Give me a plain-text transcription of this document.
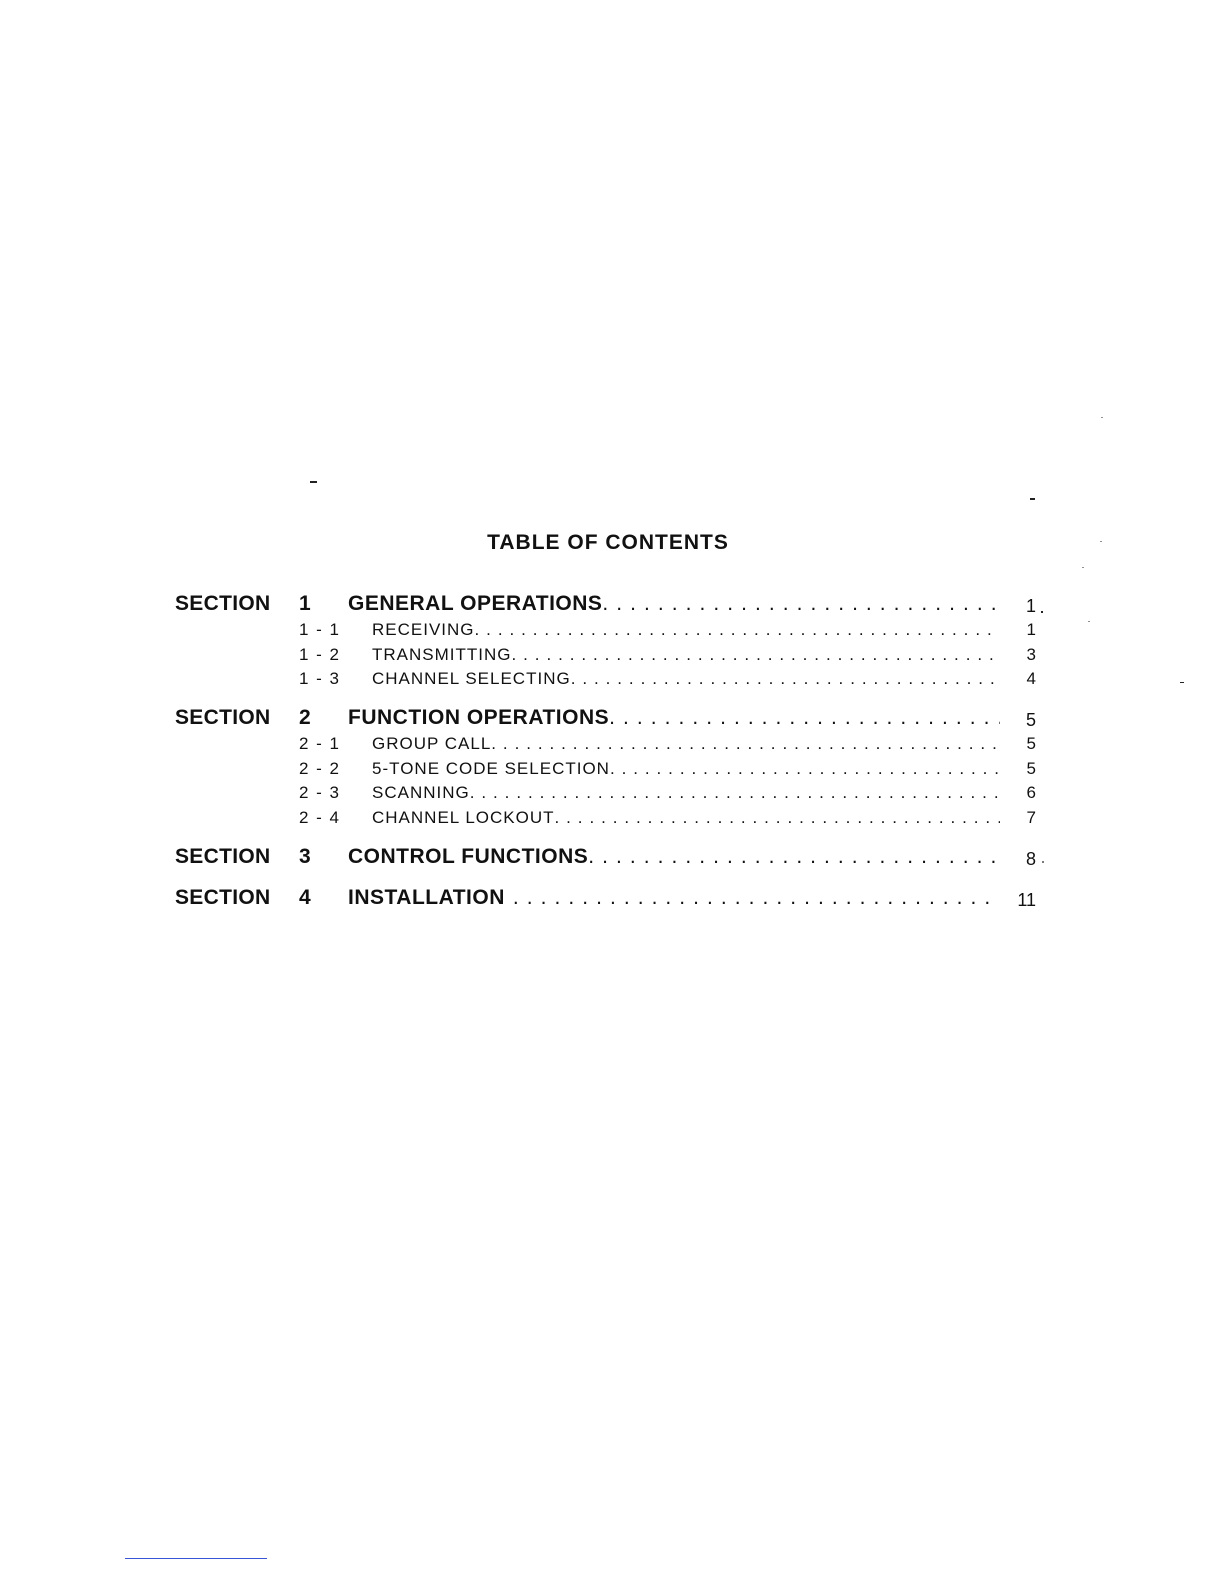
TABLE OF CONTENTS
SECTION 1 GENERAL OPERATIONS . . .	1
1 - 1 RECEIVING . . .	1
1 - 2 TRANSMITTING . . .	3
1 - 3 CHANNEL SELECTING . . .	4
SECTION 2 FUNCTION OPERATIONS . . .	5
2 - 1 GROUP CALL . . .	5
2 - 2 5-TONE CODE SELECTION . . .	5
2 - 3 SCANNING . . .	6
2 - 4 CHANNEL LOCKOUT . . .	7
SECTION 3 CONTROL FUNCTIONS . . .	8
SECTION 4 INSTALLATION . . .	11
